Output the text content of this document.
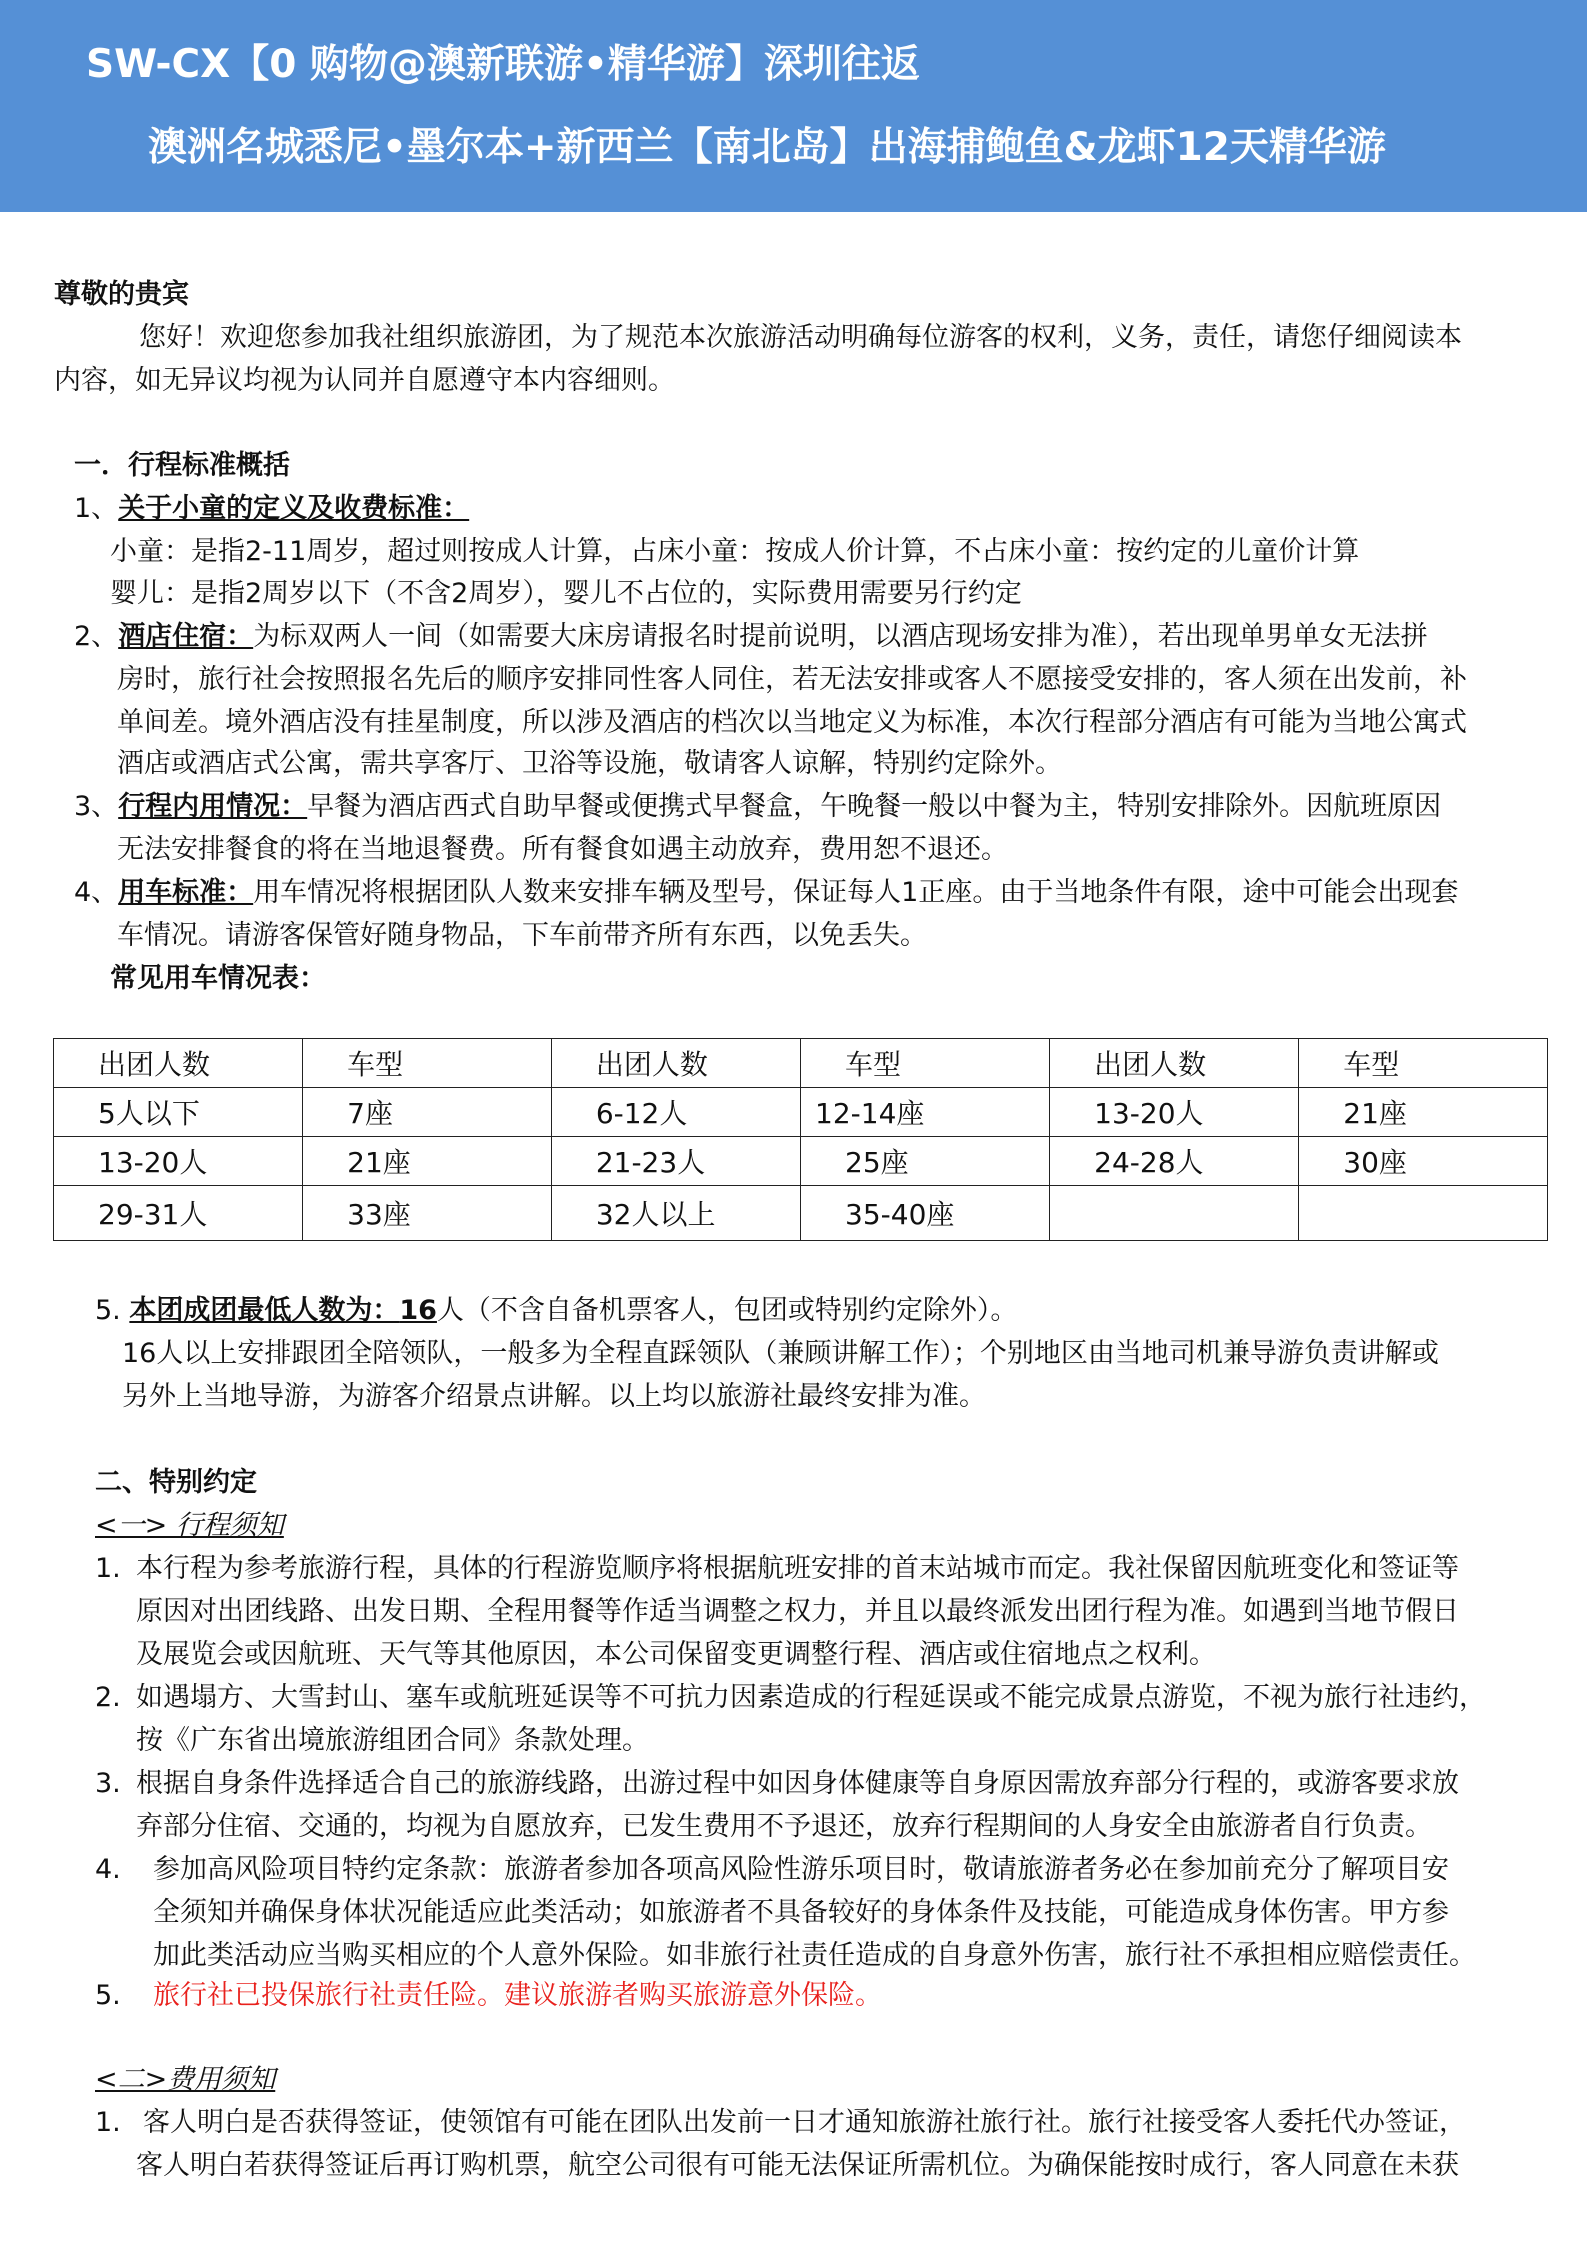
SW-CX【0 购物@澳新联游•精华游】深圳往返
澳洲名城悉尼•墨尔本+新西兰【南北岛】出海捕鲍鱼&龙虾12天精华游
尊敬的贵宾
您好！欢迎您参加我社组织旅游团，为了规范本次旅游活动明确每位游客的权利，义务，责任，请您仔细阅读本
内容，如无异议均视为认同并自愿遵守本内容细则。
一．行程标准概括
1、关于小童的定义及收费标准：
小童：是指2-11周岁，超过则按成人计算，占床小童：按成人价计算，不占床小童：按约定的儿童价计算
婴儿：是指2周岁以下（不含2周岁），婴儿不占位的，实际费用需要另行约定
2、酒店住宿：为标双两人一间（如需要大床房请报名时提前说明，以酒店现场安排为准），若出现单男单女无法拼
房时，旅行社会按照报名先后的顺序安排同性客人同住，若无法安排或客人不愿接受安排的，客人须在出发前，补
单间差。境外酒店没有挂星制度，所以涉及酒店的档次以当地定义为标准，本次行程部分酒店有可能为当地公寓式
酒店或酒店式公寓，需共享客厅、卫浴等设施，敬请客人谅解，特别约定除外。
3、行程内用情况：早餐为酒店西式自助早餐或便携式早餐盒，午晚餐一般以中餐为主，特别安排除外。因航班原因
无法安排餐食的将在当地退餐费。所有餐食如遇主动放弃，费用恕不退还。
4、用车标准：用车情况将根据团队人数来安排车辆及型号，保证每人1正座。由于当地条件有限，途中可能会出现套
车情况。请游客保管好随身物品，下车前带齐所有东西，以免丢失。
常见用车情况表：
出团人数	车型	出团人数	车型	出团人数	车型
5人以下	7座	6-12人	12-14座	13-20人	21座
13-20人	21座	21-23人	25座	24-28人	30座
29-31人	33座	32人以上	35-40座		
5. 本团成团最低人数为：16人（不含自备机票客人，包团或特别约定除外）。
16人以上安排跟团全陪领队，一般多为全程直踩领队（兼顾讲解工作）；个别地区由当地司机兼导游负责讲解或
另外上当地导游，为游客介绍景点讲解。以上均以旅游社最终安排为准。
二、特别约定
<一> 行程须知
1. 本行程为参考旅游行程，具体的行程游览顺序将根据航班安排的首末站城市而定。我社保留因航班变化和签证等
原因对出团线路、出发日期、全程用餐等作适当调整之权力，并且以最终派发出团行程为准。如遇到当地节假日
及展览会或因航班、天气等其他原因，本公司保留变更调整行程、酒店或住宿地点之权利。
2. 如遇塌方、大雪封山、塞车或航班延误等不可抗力因素造成的行程延误或不能完成景点游览，不视为旅行社违约，
按《广东省出境旅游组团合同》条款处理。
3. 根据自身条件选择适合自己的旅游线路，出游过程中如因身体健康等自身原因需放弃部分行程的，或游客要求放
弃部分住宿、交通的，均视为自愿放弃，已发生费用不予退还，放弃行程期间的人身安全由旅游者自行负责。
4. 参加高风险项目特约定条款：旅游者参加各项高风险性游乐项目时，敬请旅游者务必在参加前充分了解项目安
全须知并确保身体状况能适应此类活动；如旅游者不具备较好的身体条件及技能，可能造成身体伤害。甲方参
加此类活动应当购买相应的个人意外保险。如非旅行社责任造成的自身意外伤害，旅行社不承担相应赔偿责任。
5. 旅行社已投保旅行社责任险。建议旅游者购买旅游意外保险。
<二>费用须知
1. 客人明白是否获得签证，使领馆有可能在团队出发前一日才通知旅游社旅行社。旅行社接受客人委托代办签证，
客人明白若获得签证后再订购机票，航空公司很有可能无法保证所需机位。为确保能按时成行，客人同意在未获
